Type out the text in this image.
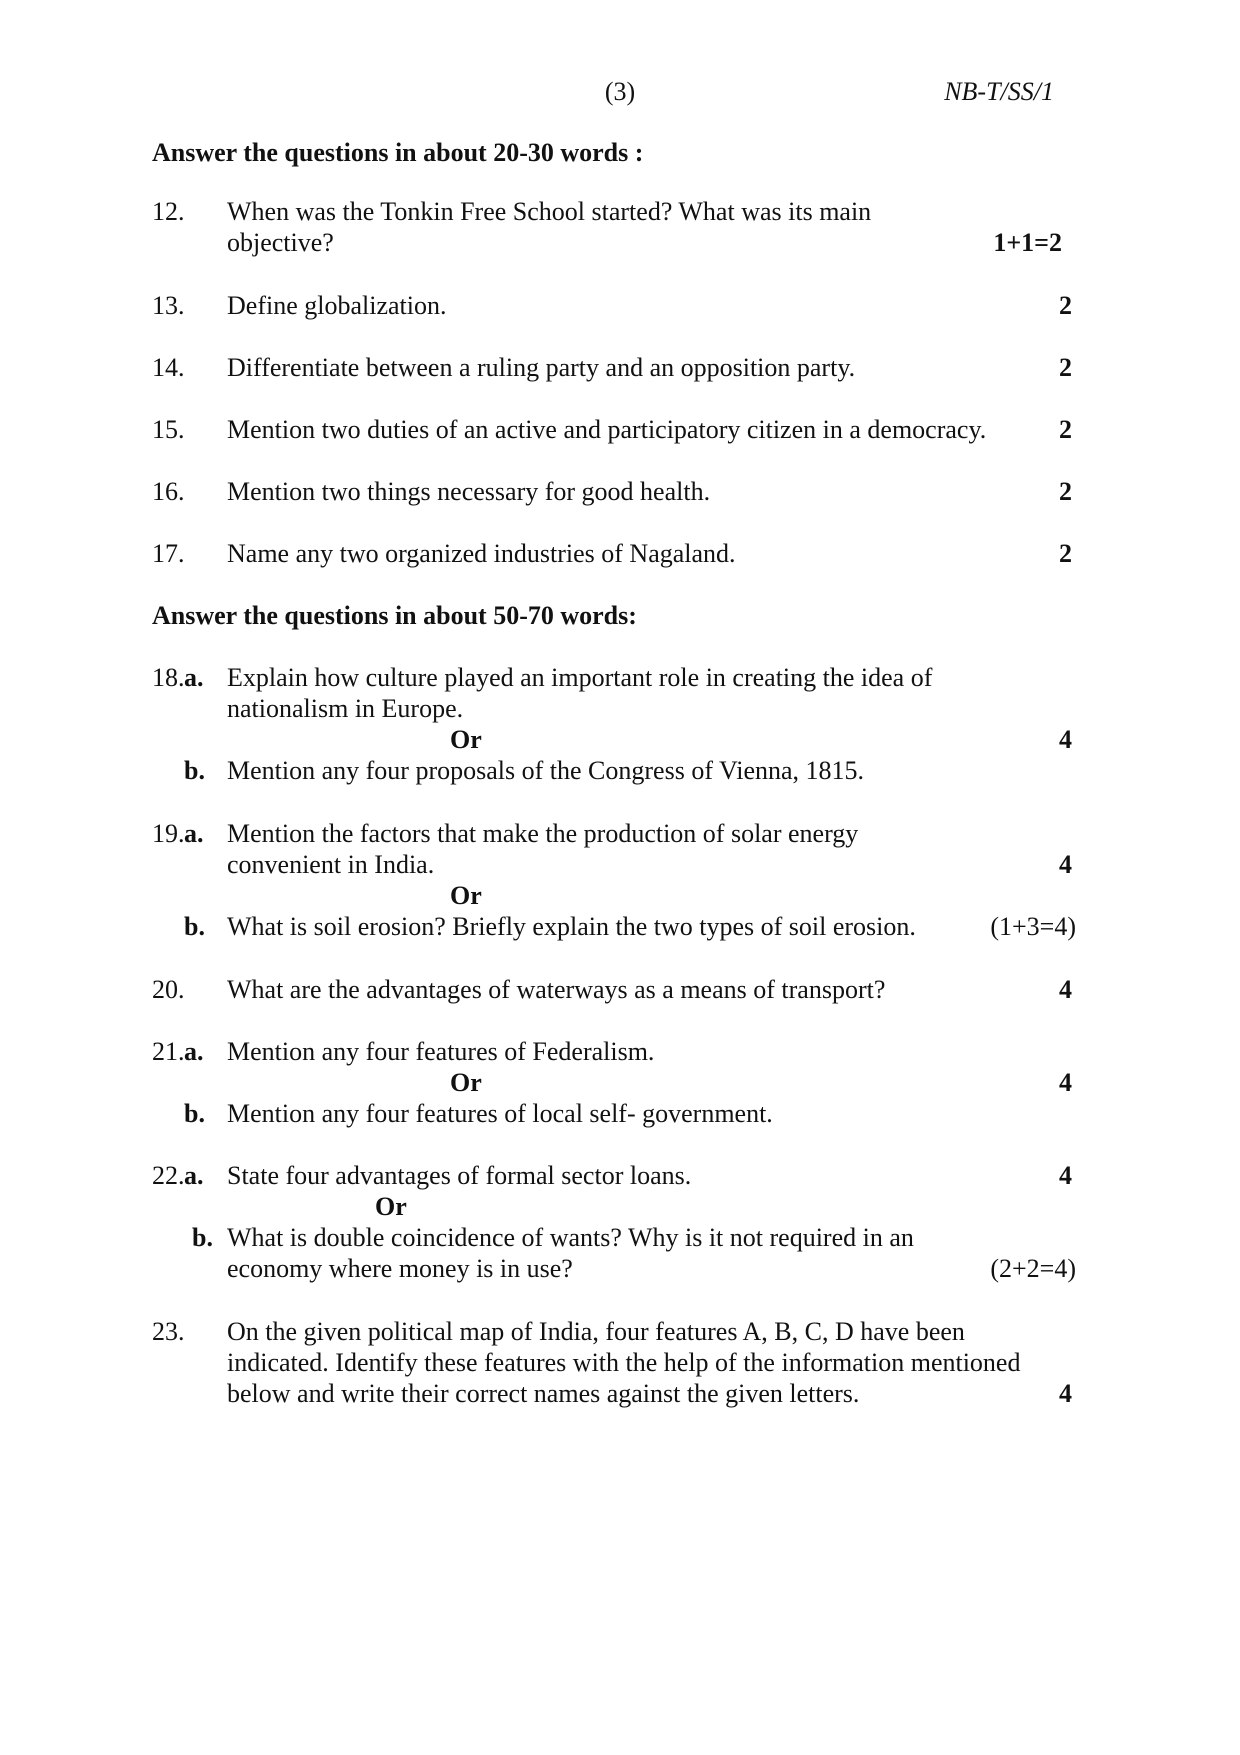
(3)	NB-T/SS/1
Answer the questions in about 20-30 words :
12. When was the Tonkin Free School started? What was its main
objective?	1+1=2
13. Define globalization.	2
14. Differentiate between a ruling party and an opposition party.	2
15. Mention two duties of an active and participatory citizen in a democracy.	2
16. Mention two things necessary for good health.	2
17. Name any two organized industries of Nagaland.	2
Answer the questions in about 50-70 words:
18. a. Explain how culture played an important role in creating the idea of
nationalism in Europe.
Or	4
b. Mention any four proposals of the Congress of Vienna, 1815.
19. a. Mention the factors that make the production of solar energy
convenient in India.	4
Or
b. What is soil erosion? Briefly explain the two types of soil erosion.	(1+3=4)
20. What are the advantages of waterways as a means of transport?	4
21. a. Mention any four features of Federalism.
Or	4
b. Mention any four features of local self- government.
22. a. State four advantages of formal sector loans.	4
Or
b. What is double coincidence of wants? Why is it not required in an
economy where money is in use?	(2+2=4)
23. On the given political map of India, four features A, B, C, D have been
indicated. Identify these features with the help of the information mentioned
below and write their correct names against the given letters.	4
